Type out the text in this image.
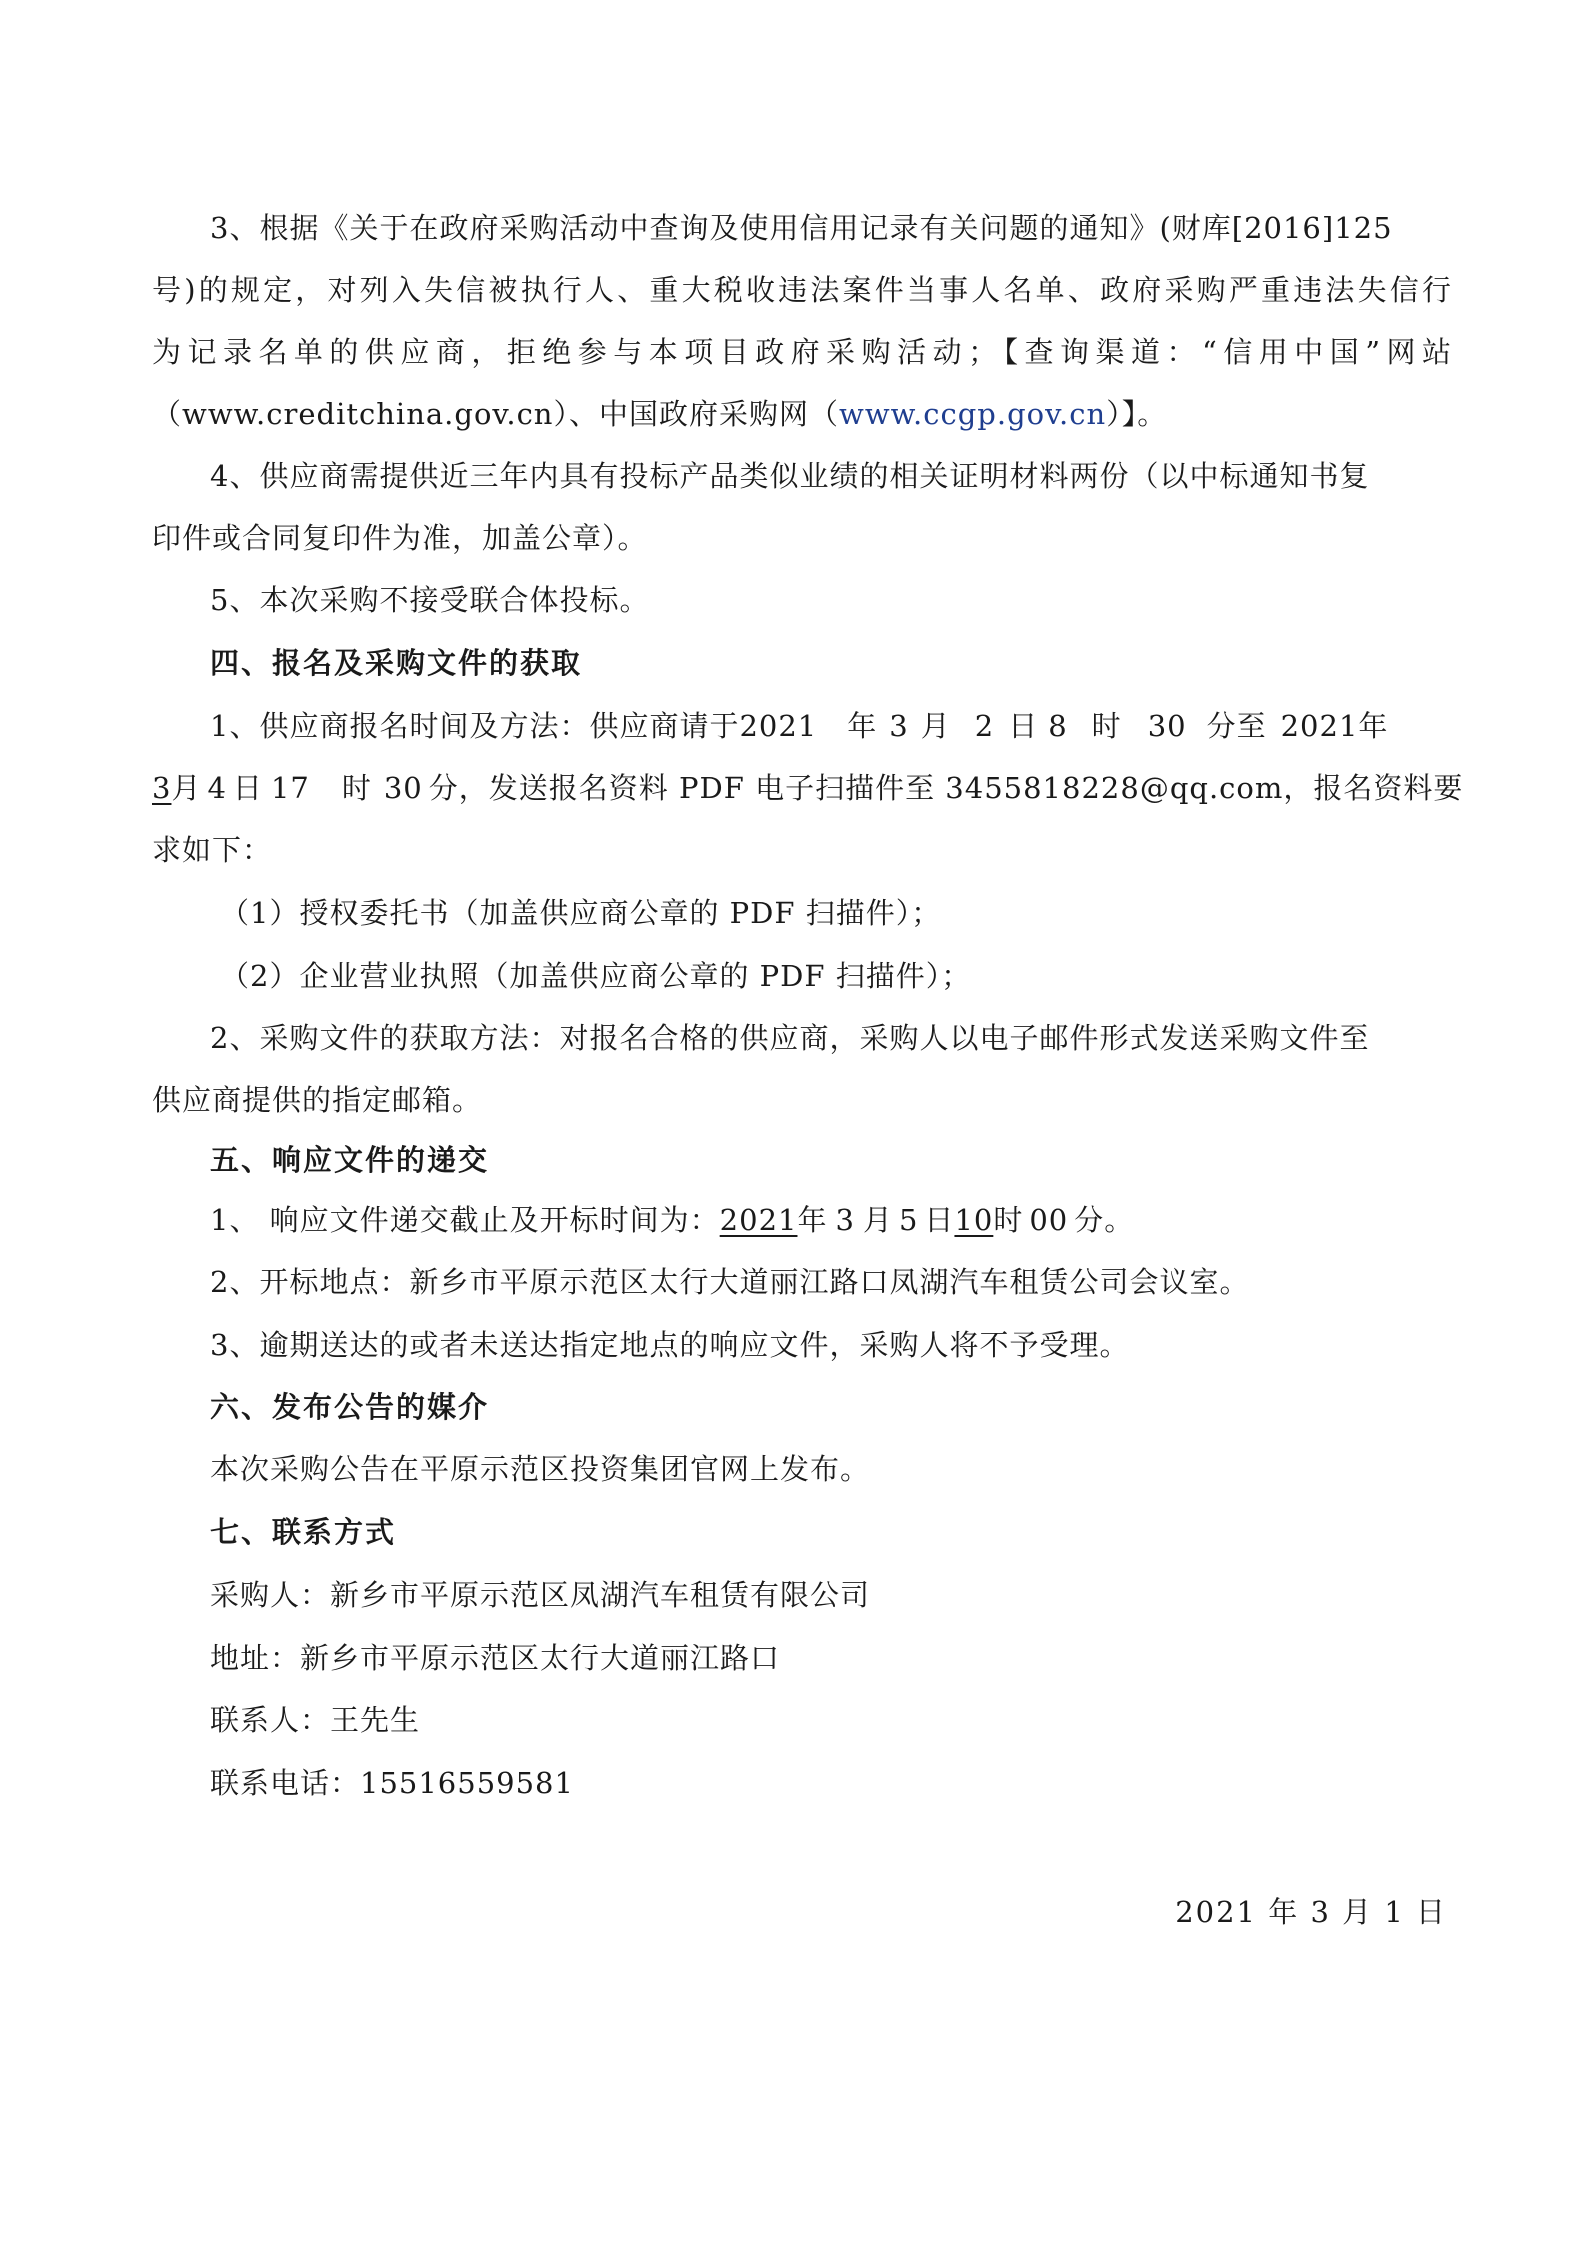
3、根据《关于在政府采购活动中查询及使用信用记录有关问题的通知》(财库[2016]125
号)的规定，对列入失信被执行人、重大税收违法案件当事人名单、政府采购严重违法失信行
为记录名单的供应商，拒绝参与本项目政府采购活动；【查询渠道：“信用中国”网站
（www.creditchina.gov.cn）、中国政府采购网（www.ccgp.gov.cn）】。
4、供应商需提供近三年内具有投标产品类似业绩的相关证明材料两份（以中标通知书复
印件或合同复印件为准，加盖公章）。
5、本次采购不接受联合体投标。
四、报名及采购文件的获取
1、供应商报名时间及方法：供应商请于2021 年 3 月 2 日 8 时 30 分至 2021年
3月 4 日 17 时 30 分，发送报名资料 PDF 电子扫描件至 3455818228@qq.com，报名资料要
求如下：
（1）授权委托书（加盖供应商公章的 PDF 扫描件）；
（2）企业营业执照（加盖供应商公章的 PDF 扫描件）；
2、采购文件的获取方法：对报名合格的供应商，采购人以电子邮件形式发送采购文件至
供应商提供的指定邮箱。
五、响应文件的递交
1、 响应文件递交截止及开标时间为：2021年 3 月 5 日10时 00 分。
2、开标地点：新乡市平原示范区太行大道丽江路口凤湖汽车租赁公司会议室。
3、逾期送达的或者未送达指定地点的响应文件，采购人将不予受理。
六、发布公告的媒介
本次采购公告在平原示范区投资集团官网上发布。
七、联系方式
采购人：新乡市平原示范区凤湖汽车租赁有限公司
地址：新乡市平原示范区太行大道丽江路口
联系人：王先生
联系电话：15516559581
2021 年 3 月 1 日
